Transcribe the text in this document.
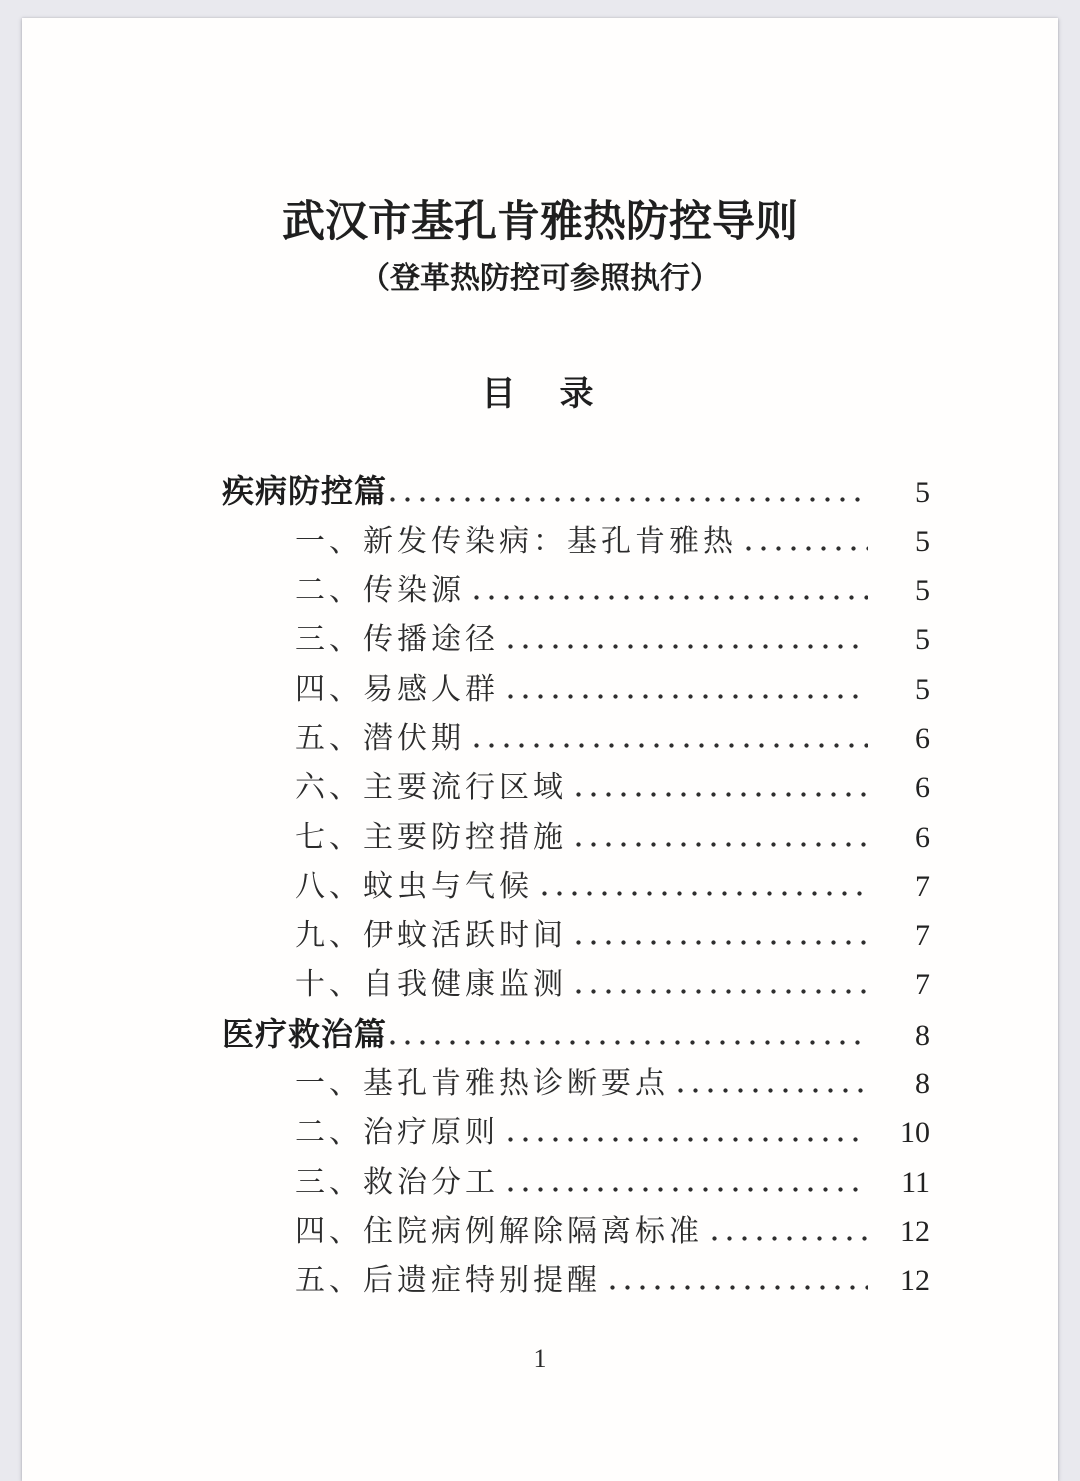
武汉市基孔肯雅热防控导则
（登革热防控可参照执行）
目　录
疾病防控篇	5
一、新发传染病：基孔肯雅热	5
二、传染源	5
三、传播途径	5
四、易感人群	5
五、潜伏期	6
六、主要流行区域	6
七、主要防控措施	6
八、蚊虫与气候	7
九、伊蚊活跃时间	7
十、自我健康监测	7
医疗救治篇	8
一、基孔肯雅热诊断要点	8
二、治疗原则	10
三、救治分工	11
四、住院病例解除隔离标准	12
五、后遗症特别提醒	12
1
